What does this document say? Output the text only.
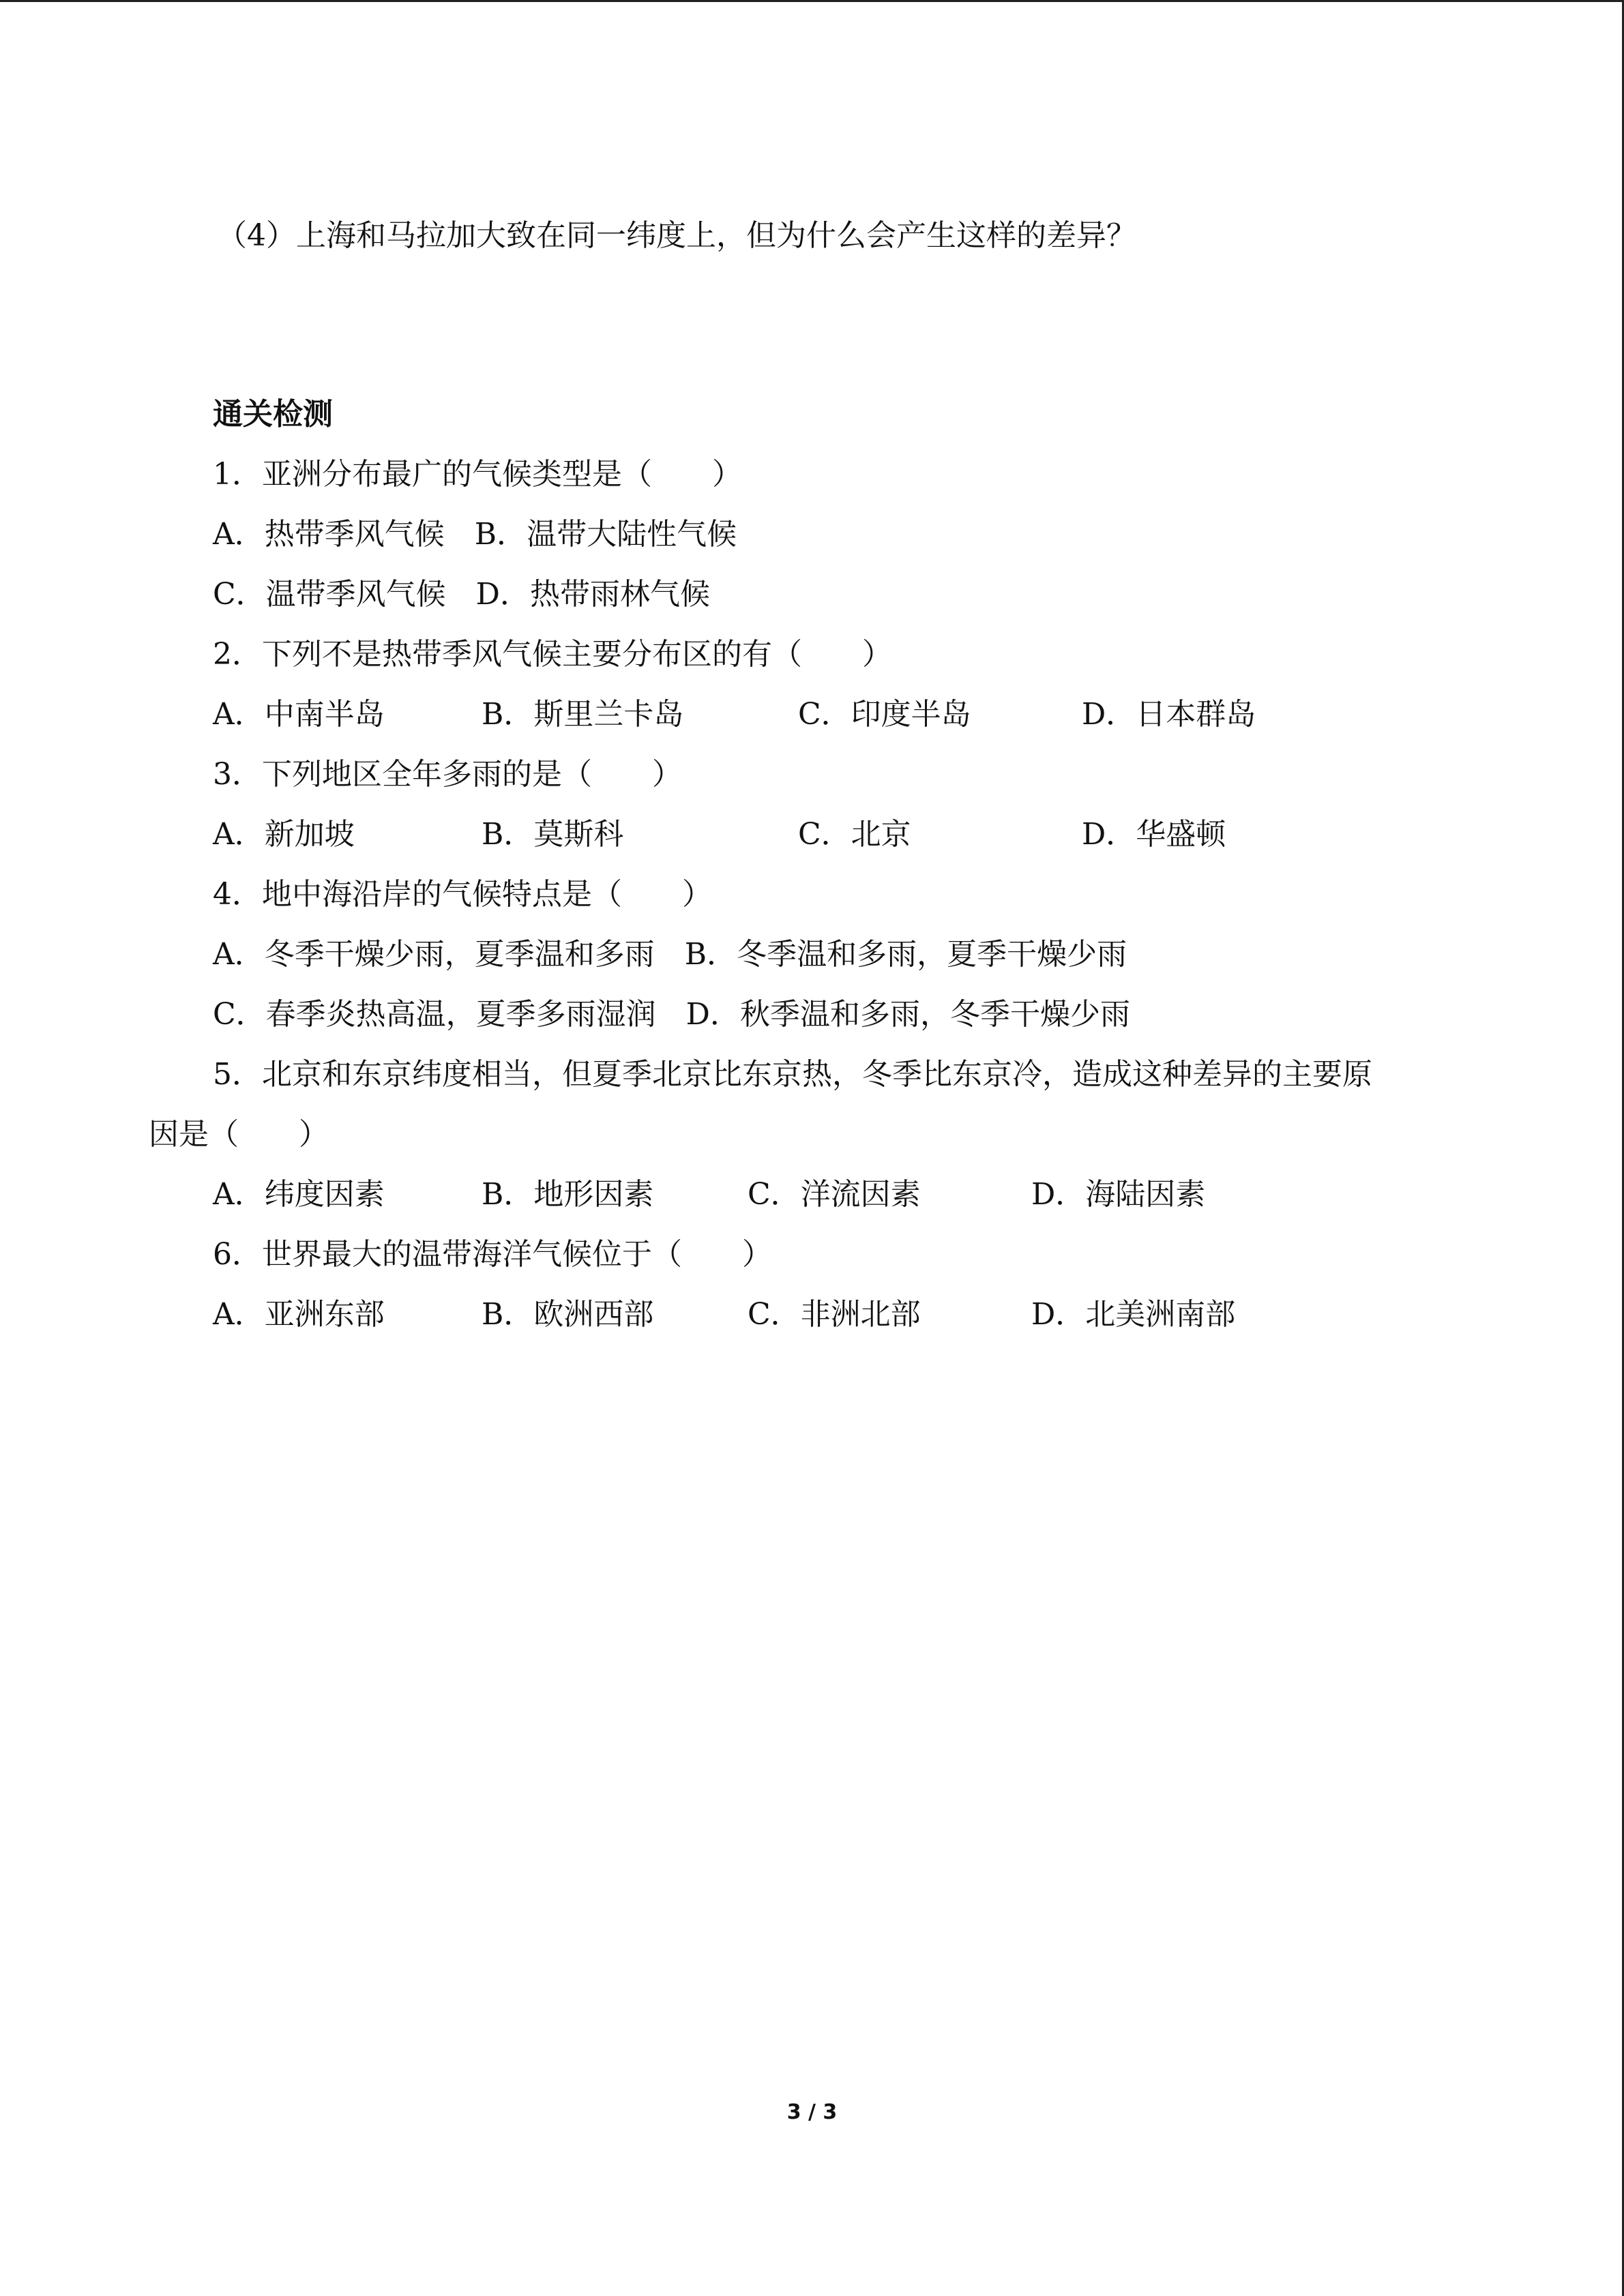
（4）上海和马拉加大致在同一纬度上，但为什么会产生这样的差异？
通关检测
1．亚洲分布最广的气候类型是（　　）
A．热带季风气候　B．温带大陆性气候
C．温带季风气候　D．热带雨林气候
2．下列不是热带季风气候主要分布区的有（　　）
A．中南半岛	B．斯里兰卡岛	C．印度半岛	D．日本群岛
3．下列地区全年多雨的是（　　）
A．新加坡	B．莫斯科	C．北京	D．华盛顿
4．地中海沿岸的气候特点是（　　）
A．冬季干燥少雨，夏季温和多雨　B．冬季温和多雨，夏季干燥少雨
C．春季炎热高温，夏季多雨湿润　D．秋季温和多雨，冬季干燥少雨
5．北京和东京纬度相当，但夏季北京比东京热，冬季比东京冷，造成这种差异的主要原
因是（　　）
A．纬度因素	B．地形因素	C．洋流因素	D．海陆因素
6．世界最大的温带海洋气候位于（　　）
A．亚洲东部	B．欧洲西部	C．非洲北部	D．北美洲南部
3 / 3
